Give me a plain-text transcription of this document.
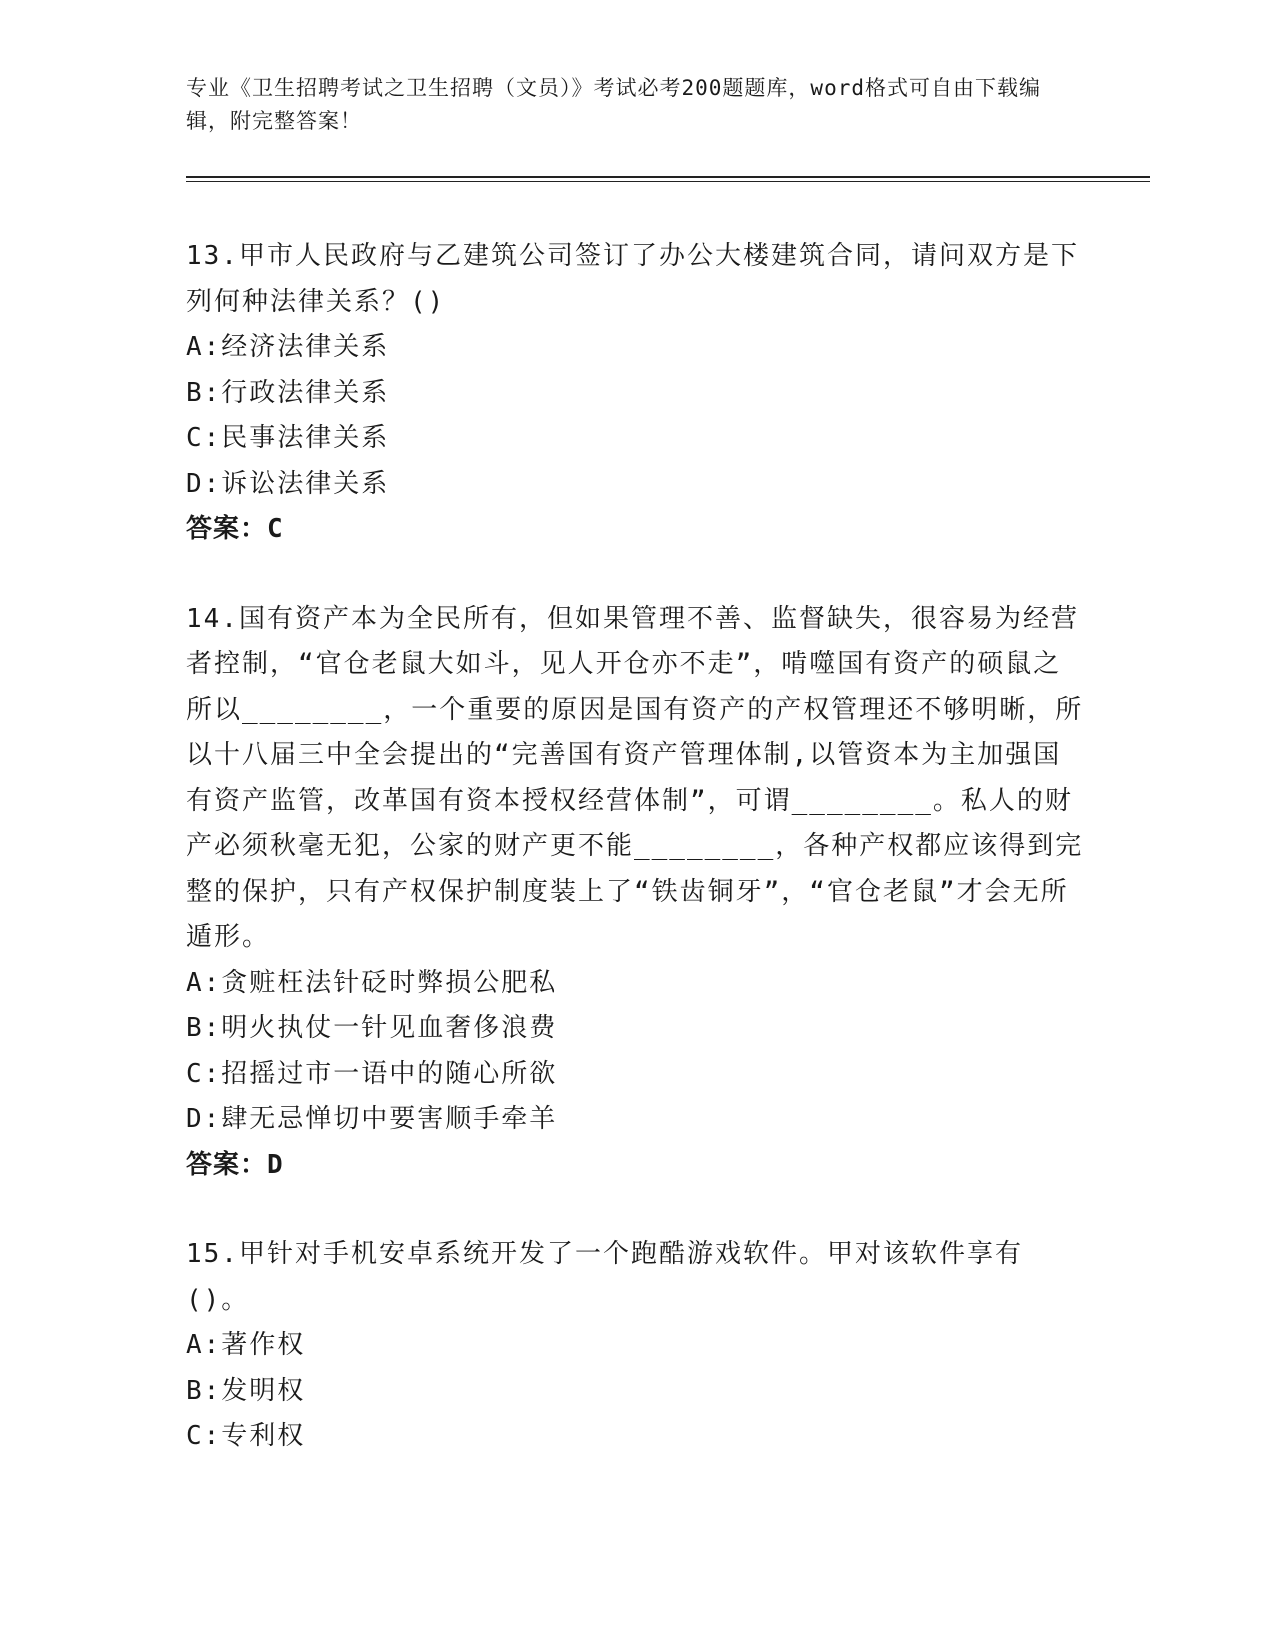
专业《卫生招聘考试之卫生招聘（文员）》考试必考200题题库，word格式可自由下载编辑，附完整答案！

13.甲市人民政府与乙建筑公司签订了办公大楼建筑合同，请问双方是下列何种法律关系？()

A:经济法律关系

B:行政法律关系

C:民事法律关系

D:诉讼法律关系

答案：C

14.国有资产本为全民所有，但如果管理不善、监督缺失，很容易为经营者控制，“官仓老鼠大如斗，见人开仓亦不走”，啃噬国有资产的硕鼠之所以________，一个重要的原因是国有资产的产权管理还不够明晰，所以十八届三中全会提出的“完善国有资产管理体制,以管资本为主加强国有资产监管，改革国有资本授权经营体制”，可谓________。私人的财产必须秋毫无犯，公家的财产更不能________，各种产权都应该得到完整的保护，只有产权保护制度装上了“铁齿铜牙”，“官仓老鼠”才会无所遁形。

A:贪赃枉法针砭时弊损公肥私

B:明火执仗一针见血奢侈浪费

C:招摇过市一语中的随心所欲

D:肆无忌惮切中要害顺手牵羊

答案：D

15.甲针对手机安卓系统开发了一个跑酷游戏软件。甲对该软件享有()。

A:著作权

B:发明权

C:专利权
